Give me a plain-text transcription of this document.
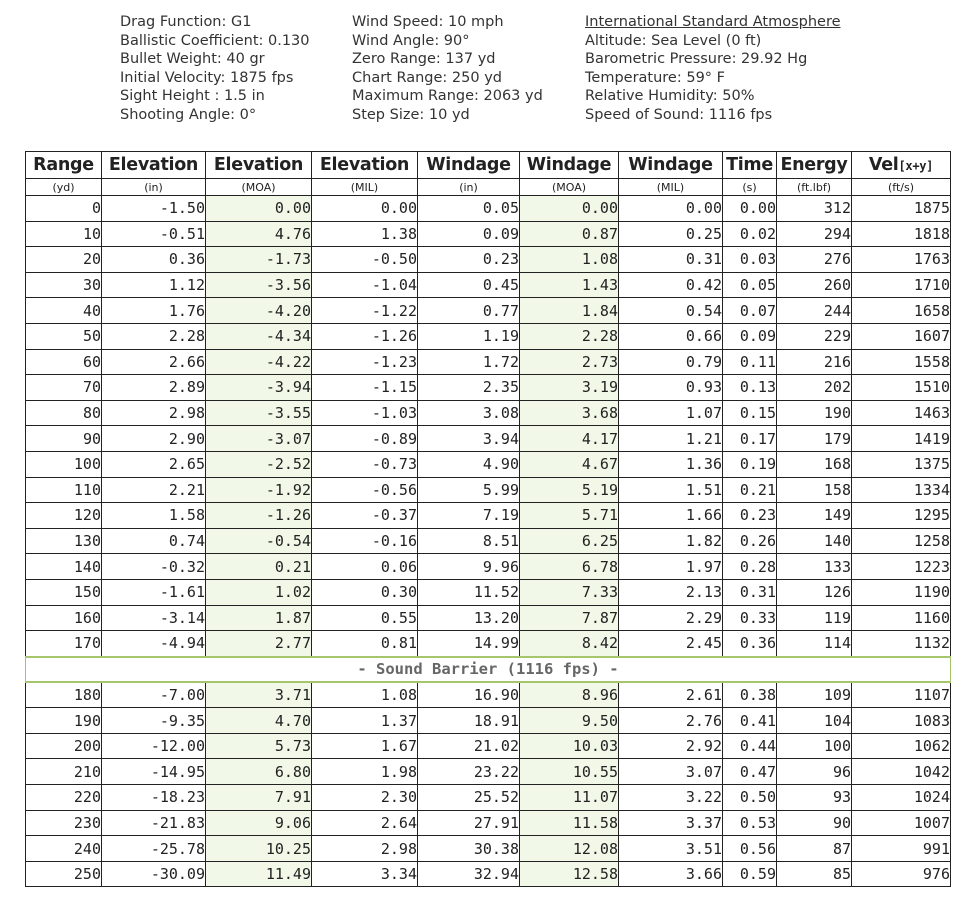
Drag Function: G1
Ballistic Coefficient: 0.130
Bullet Weight: 40 gr
Initial Velocity: 1875 fps
Sight Height : 1.5 in
Shooting Angle: 0°
Wind Speed: 10 mph
Wind Angle: 90°
Zero Range: 137 yd
Chart Range: 250 yd
Maximum Range: 2063 yd
Step Size: 10 yd
International Standard Atmosphere
Altitude: Sea Level (0 ft)
Barometric Pressure: 29.92 Hg
Temperature: 59° F
Relative Humidity: 50%
Speed of Sound: 1116 fps
Range	Elevation	Elevation	Elevation	Windage	Windage	Windage	Time	Energy	Vel[x+y]
(yd)	(in)	(MOA)	(MIL)	(in)	(MOA)	(MIL)	(s)	(ft.lbf)	(ft/s)
0	-1.50	0.00	0.00	0.05	0.00	0.00	0.00	312	1875
10	-0.51	4.76	1.38	0.09	0.87	0.25	0.02	294	1818
20	0.36	-1.73	-0.50	0.23	1.08	0.31	0.03	276	1763
30	1.12	-3.56	-1.04	0.45	1.43	0.42	0.05	260	1710
40	1.76	-4.20	-1.22	0.77	1.84	0.54	0.07	244	1658
50	2.28	-4.34	-1.26	1.19	2.28	0.66	0.09	229	1607
60	2.66	-4.22	-1.23	1.72	2.73	0.79	0.11	216	1558
70	2.89	-3.94	-1.15	2.35	3.19	0.93	0.13	202	1510
80	2.98	-3.55	-1.03	3.08	3.68	1.07	0.15	190	1463
90	2.90	-3.07	-0.89	3.94	4.17	1.21	0.17	179	1419
100	2.65	-2.52	-0.73	4.90	4.67	1.36	0.19	168	1375
110	2.21	-1.92	-0.56	5.99	5.19	1.51	0.21	158	1334
120	1.58	-1.26	-0.37	7.19	5.71	1.66	0.23	149	1295
130	0.74	-0.54	-0.16	8.51	6.25	1.82	0.26	140	1258
140	-0.32	0.21	0.06	9.96	6.78	1.97	0.28	133	1223
150	-1.61	1.02	0.30	11.52	7.33	2.13	0.31	126	1190
160	-3.14	1.87	0.55	13.20	7.87	2.29	0.33	119	1160
170	-4.94	2.77	0.81	14.99	8.42	2.45	0.36	114	1132
- Sound Barrier (1116 fps) -									
180	-7.00	3.71	1.08	16.90	8.96	2.61	0.38	109	1107
190	-9.35	4.70	1.37	18.91	9.50	2.76	0.41	104	1083
200	-12.00	5.73	1.67	21.02	10.03	2.92	0.44	100	1062
210	-14.95	6.80	1.98	23.22	10.55	3.07	0.47	96	1042
220	-18.23	7.91	2.30	25.52	11.07	3.22	0.50	93	1024
230	-21.83	9.06	2.64	27.91	11.58	3.37	0.53	90	1007
240	-25.78	10.25	2.98	30.38	12.08	3.51	0.56	87	991
250	-30.09	11.49	3.34	32.94	12.58	3.66	0.59	85	976
